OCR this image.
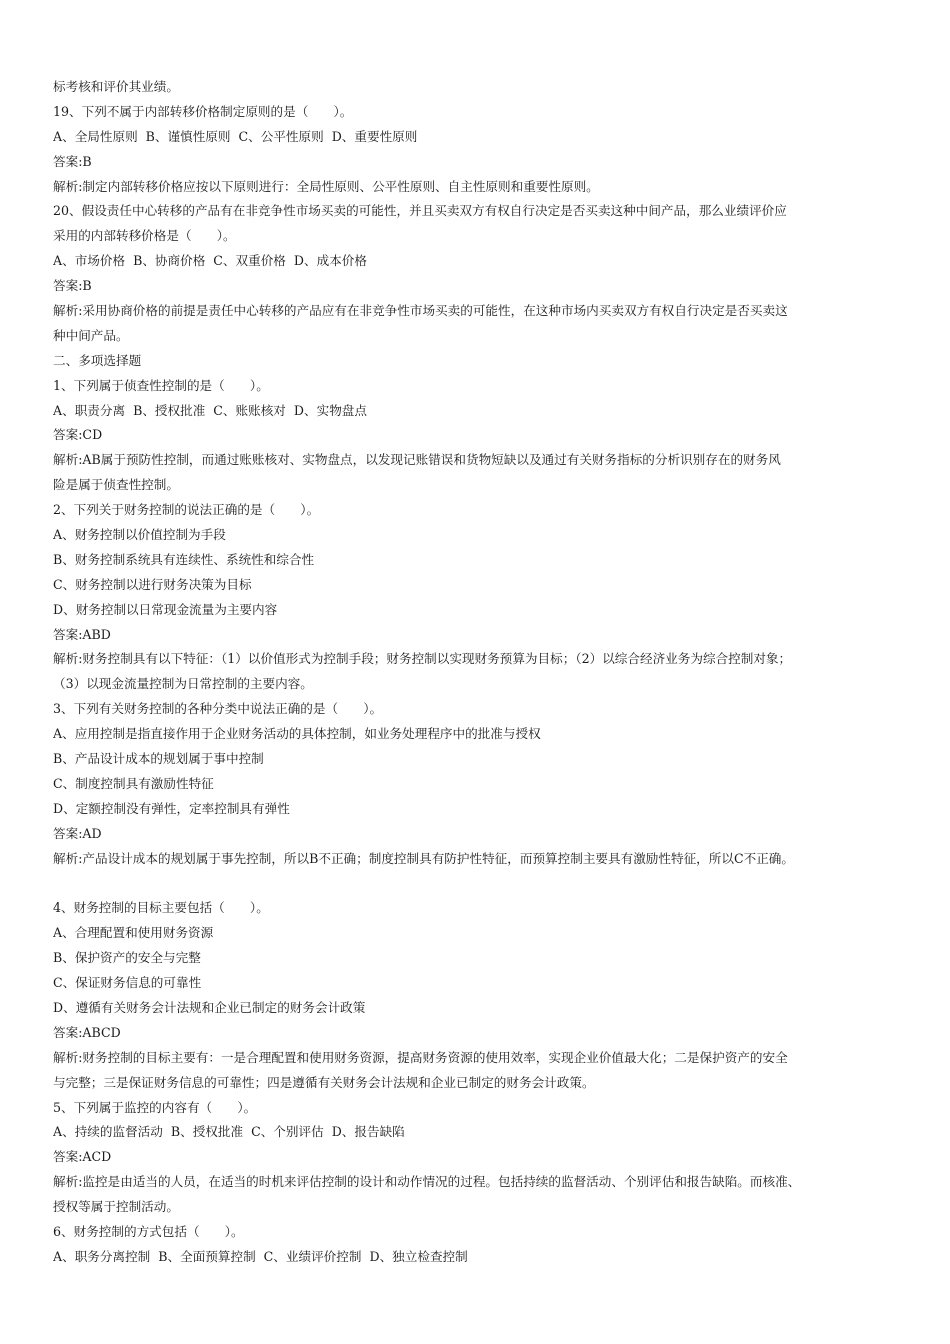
标考核和评价其业绩。
19、下列不属于内部转移价格制定原则的是（　　）。
A、全局性原则  B、谨慎性原则  C、公平性原则  D、重要性原则
答案:B
解析:制定内部转移价格应按以下原则进行：全局性原则、公平性原则、自主性原则和重要性原则。
20、假设责任中心转移的产品有在非竞争性市场买卖的可能性，并且买卖双方有权自行决定是否买卖这种中间产品，那么业绩评价应
采用的内部转移价格是（　　）。
A、市场价格  B、协商价格  C、双重价格  D、成本价格
答案:B
解析:采用协商价格的前提是责任中心转移的产品应有在非竞争性市场买卖的可能性，在这种市场内买卖双方有权自行决定是否买卖这
种中间产品。
二、多项选择题
1、下列属于侦查性控制的是（　　）。
A、职责分离  B、授权批准  C、账账核对  D、实物盘点
答案:CD
解析:AB属于预防性控制，而通过账账核对、实物盘点，以发现记账错误和货物短缺以及通过有关财务指标的分析识别存在的财务风
险是属于侦查性控制。
2、下列关于财务控制的说法正确的是（　　）。
A、财务控制以价值控制为手段
B、财务控制系统具有连续性、系统性和综合性
C、财务控制以进行财务决策为目标
D、财务控制以日常现金流量为主要内容
答案:ABD
解析:财务控制具有以下特征：（1）以价值形式为控制手段；财务控制以实现财务预算为目标；（2）以综合经济业务为综合控制对象；
（3）以现金流量控制为日常控制的主要内容。
3、下列有关财务控制的各种分类中说法正确的是（　　）。
A、应用控制是指直接作用于企业财务活动的具体控制，如业务处理程序中的批准与授权
B、产品设计成本的规划属于事中控制
C、制度控制具有激励性特征
D、定额控制没有弹性，定率控制具有弹性
答案:AD
解析:产品设计成本的规划属于事先控制，所以B不正确；制度控制具有防护性特征，而预算控制主要具有激励性特征，所以C不正确。
4、财务控制的目标主要包括（　　）。
A、合理配置和使用财务资源
B、保护资产的安全与完整
C、保证财务信息的可靠性
D、遵循有关财务会计法规和企业已制定的财务会计政策
答案:ABCD
解析:财务控制的目标主要有：一是合理配置和使用财务资源，提高财务资源的使用效率，实现企业价值最大化；二是保护资产的安全
与完整；三是保证财务信息的可靠性；四是遵循有关财务会计法规和企业已制定的财务会计政策。
5、下列属于监控的内容有（　　）。
A、持续的监督活动  B、授权批准  C、个别评估  D、报告缺陷
答案:ACD
解析:监控是由适当的人员，在适当的时机来评估控制的设计和动作情况的过程。包括持续的监督活动、个别评估和报告缺陷。而核准、
授权等属于控制活动。
6、财务控制的方式包括（　　）。
A、职务分离控制  B、全面预算控制  C、业绩评价控制  D、独立检查控制
